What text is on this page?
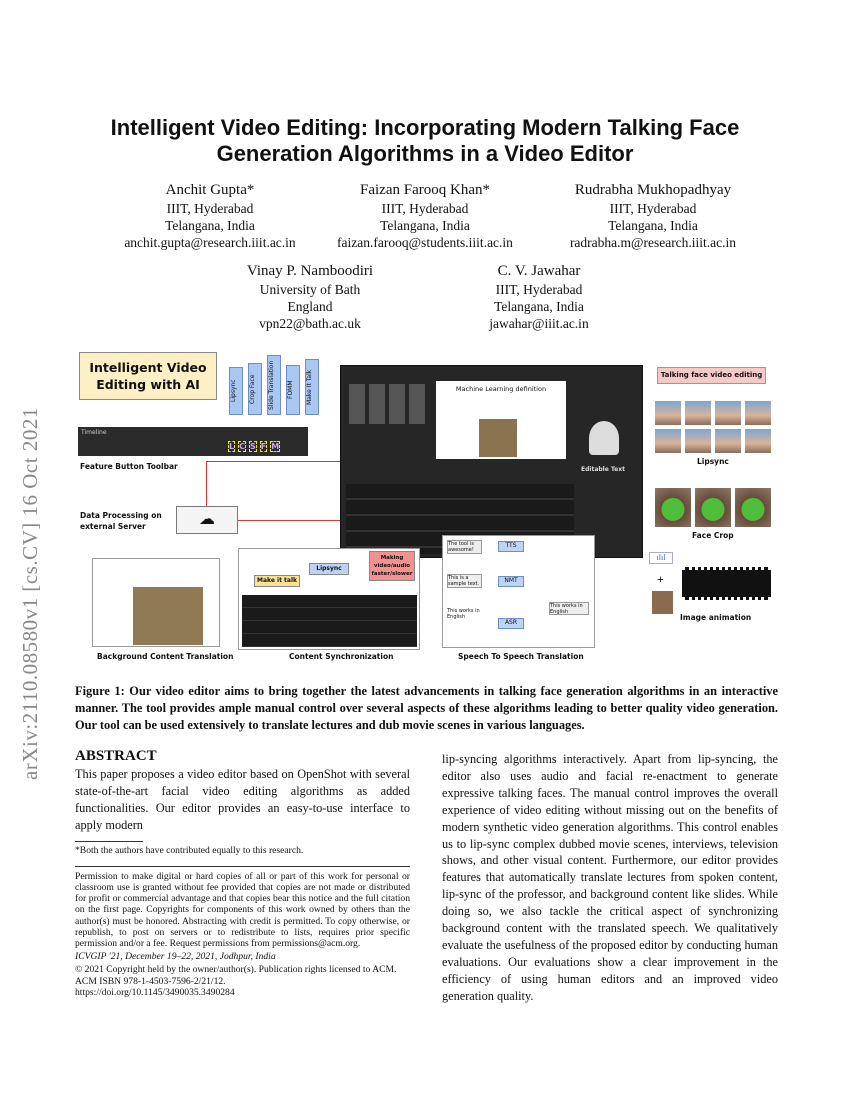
Intelligent Video Editing: Incorporating Modern Talking Face
Generation Algorithms in a Video Editor
Anchit Gupta*
IIIT, Hyderabad
Telangana, India
anchit.gupta@research.iiit.ac.in
Faizan Farooq Khan*
IIIT, Hyderabad
Telangana, India
faizan.farooq@students.iiit.ac.in
Rudrabha Mukhopadhyay
IIIT, Hyderabad
Telangana, India
radrabha.m@research.iiit.ac.in
Vinay P. Namboodiri
University of Bath
England
vpn22@bath.ac.uk
C. V. Jawahar
IIIT, Hyderabad
Telangana, India
jawahar@iiit.ac.in
arXiv:2110.08580v1 [cs.CV] 16 Oct 2021
Intelligent Video Editing with AI	Lipsync	Crop Face	Slide Translation	FOMM	Make It Talk
Timeline
L C S F M
Feature Button Toolbar
Data Processing on external Server	☁
Machine Learning definition
Editable Text
Talking face video editing
Lipsync
Face Crop
ılıl
+
Image animation
Background Content Translation
Make it talk
Lipsync
Making video/audio faster/slower
Content Synchronization
The tool is awesome!
TTS
This is a sample text.	NMT
This works in English
ASR
This works in English
Speech To Speech Translation
Figure 1: Our video editor aims to bring together the latest advancements in talking face generation algorithms in an interactive manner. The tool provides ample manual control over several aspects of these algorithms leading to better quality video generation. Our tool can be used extensively to translate lectures and dub movie scenes in various languages.
ABSTRACT
This paper proposes a video editor based on OpenShot with several state-of-the-art facial video editing algorithms as added functionalities. Our editor provides an easy-to-use interface to apply modern
*Both the authors have contributed equally to this research.
Permission to make digital or hard copies of all or part of this work for personal or classroom use is granted without fee provided that copies are not made or distributed for profit or commercial advantage and that copies bear this notice and the full citation on the first page. Copyrights for components of this work owned by others than the author(s) must be honored. Abstracting with credit is permitted. To copy otherwise, or republish, to post on servers or to redistribute to lists, requires prior specific permission and/or a fee. Request permissions from permissions@acm.org.
ICVGIP '21, December 19–22, 2021, Jodhpur, India
© 2021 Copyright held by the owner/author(s). Publication rights licensed to ACM.
ACM ISBN 978-1-4503-7596-2/21/12.
https://doi.org/10.1145/3490035.3490284
lip-syncing algorithms interactively. Apart from lip-syncing, the editor also uses audio and facial re-enactment to generate expressive talking faces. The manual control improves the overall experience of video editing without missing out on the benefits of modern synthetic video generation algorithms. This control enables us to lip-sync complex dubbed movie scenes, interviews, television shows, and other visual content. Furthermore, our editor provides features that automatically translate lectures from spoken content, lip-sync of the professor, and background content like slides. While doing so, we also tackle the critical aspect of synchronizing background content with the translated speech. We qualitatively evaluate the usefulness of the proposed editor by conducting human evaluations. Our evaluations show a clear improvement in the efficiency of using human editors and an improved video generation quality.
